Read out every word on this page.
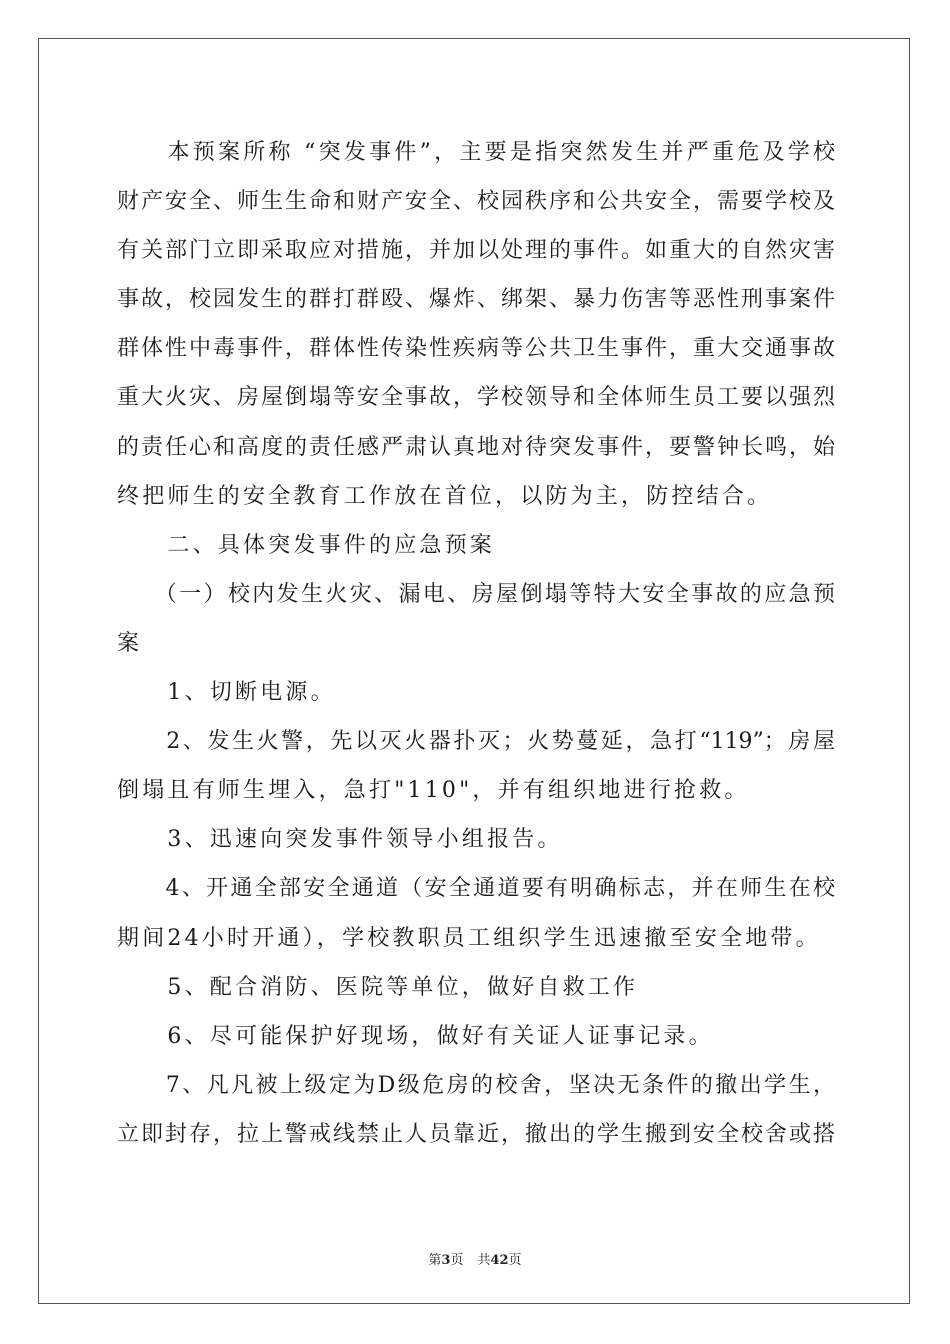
　　本预案所称 “突发事件”，主要是指突然发生并严重危及学校
财产安全、师生生命和财产安全、校园秩序和公共安全，需要学校及
有关部门立即采取应对措施，并加以处理的事件。如重大的自然灾害
事故，校园发生的群打群殴、爆炸、绑架、暴力伤害等恶性刑事案件
群体性中毒事件，群体性传染性疾病等公共卫生事件，重大交通事故
重大火灾、房屋倒塌等安全事故，学校领导和全体师生员工要以强烈
的责任心和高度的责任感严肃认真地对待突发事件，要警钟长鸣，始
终把师生的安全教育工作放在首位，以防为主，防控结合。
　　二、具体突发事件的应急预案
　　（一）校内发生火灾、漏电、房屋倒塌等特大安全事故的应急预
案
　　1、切断电源。
　　2、发生火警，先以灭火器扑灭；火势蔓延，急打“119”；房屋
倒塌且有师生埋入，急打"110"，并有组织地进行抢救。
　　3、迅速向突发事件领导小组报告。
　　4、开通全部安全通道（安全通道要有明确标志，并在师生在校
期间24小时开通），学校教职员工组织学生迅速撤至安全地带。
　　5、配合消防、医院等单位，做好自救工作
　　6、尽可能保护好现场，做好有关证人证事记录。
　　7、凡凡被上级定为D级危房的校舍，坚决无条件的撤出学生，
立即封存，拉上警戒线禁止人员靠近，撤出的学生搬到安全校舍或搭
第3页 共42页
